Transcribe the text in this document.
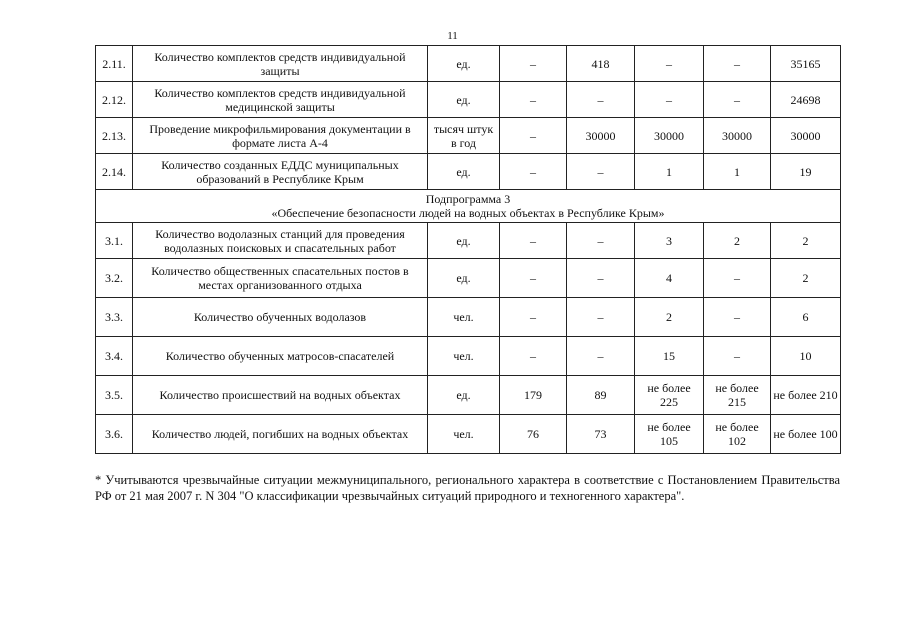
11
2.11.	Количество комплектов средств индивидуальной защиты	ед.	–	418	–	–	35165
2.12.	Количество комплектов средств индивидуальной медицинской защиты	ед.	–	–	–	–	24698
2.13.	Проведение микрофильмирования документации в формате листа А-4	тысяч штук в год	–	30000	30000	30000	30000
2.14.	Количество созданных ЕДДС муниципальных образований в Республике Крым	ед.	–	–	1	1	19

Подпрограмма 3
«Обеспечение безопасности людей на водных объектах в Республике Крым»							

3.1.	Количество водолазных станций для проведения водолазных поисковых и спасательных работ	ед.	–	–	3	2	2
3.2.	Количество общественных спасательных постов в местах организованного отдыха	ед.	–	–	4	–	2
3.3.	Количество обученных водолазов	чел.	–	–	2	–	6
3.4.	Количество обученных матросов-спасателей	чел.	–	–	15	–	10
3.5.	Количество происшествий на водных объектах	ед.	179	89	не более 225	не более 215	не более 210
3.6.	Количество людей, погибших на водных объектах	чел.	76	73	не более 105	не более 102	не более 100
* Учитываются чрезвычайные ситуации межмуниципального, регионального характера в соответствие с Постановлением Правительства РФ от 21 мая 2007 г. N 304 "О классификации чрезвычайных ситуаций природного и техногенного характера".
